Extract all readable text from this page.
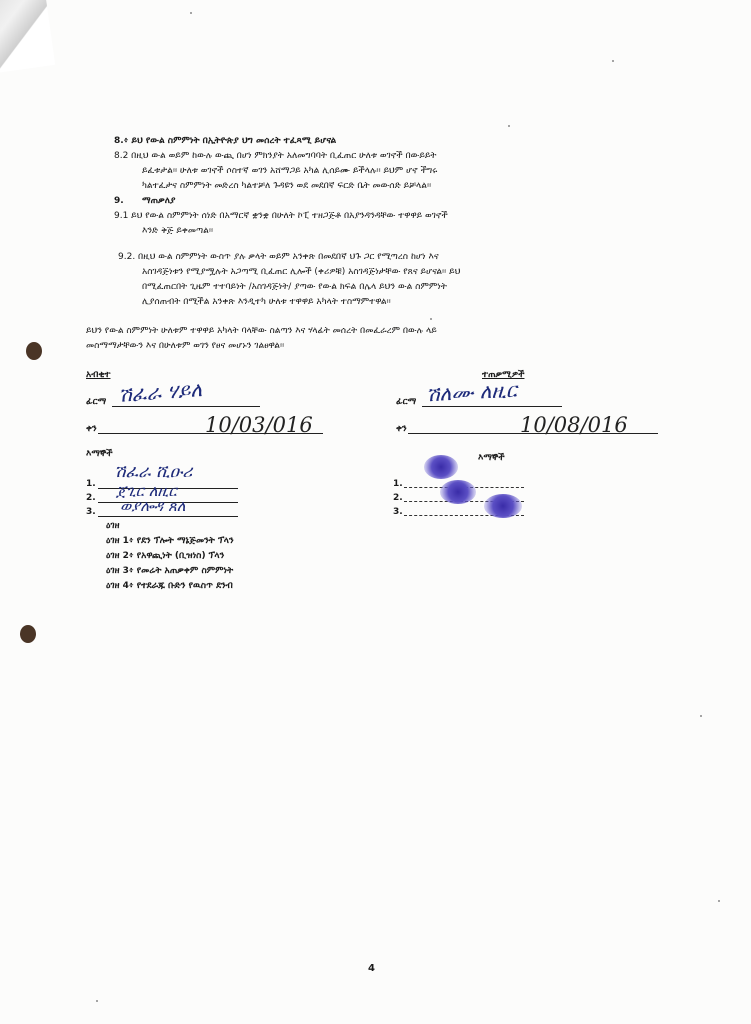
8.፥ ይህ የውል ስምምነት በኢትዮጵያ ህግ መሰረት ተፈጻሚ ይሆናል
8.2 በዚህ ውል ወይም ከውሉ ውጪ በሆነ ምክንያት አለመግባባት ቢፈጠር ሁለቱ ወገኖች በውይይት
ይፈቱታል፡፡ ሁለቱ ወገኖች ሶስተኛ ወገን አሸማጋይ አካል ሊሰይሙ ይችላሉ፡፡ ይህም ሆኖ ችግሩ
ካልተፈታና ስምምነት መድረስ ካልተቻለ ጉዳዩን ወደ መደበኛ ፍርድ ቤት መውሰድ ይቻላል፡፡
9. ማጠቃለያ
9.1 ይህ የውል ስምምነት ሰነድ በአማርኛ ቋንቋ በሁለት ኮፒ ተዘጋጅቶ በአያንዳንዳቸው ተዋዋይ ወገኖች
እንድ ቅጅ ይቀመጣል፡፡
9.2. በዚህ ውል ስምምነት ውስጥ ያሉ ቃላት ወይም አንቀጽ በመደበኛ ህጉ ጋር የሚጣረስ ከሆነ እና
አስገዳጅነቱን የሚያሟሉት አጋጣሚ ቢፈጠር ሊሎች (ቀሪዎቹ) አስገዳጅነታቸው የጸና ይሆናል፡፡ ይህ
በሚፈጠርበት ጊዜም ተተባይነት /አስገዳጅነት/ ያጣው የውል ክፍል በሌላ ይህን ውል ስምምነት
ሊያሰጠብት በሚችል አንቀጽ እንዲተካ ሁለቱ ተዋዋይ አካላት ተስማምተዋል፡፡
ይህን የውል ስምምነት ሁለቱም ተዋዋይ አካላት ባላቸው ስልጣን እና ሃላፊት መሰረት በመፈራረም በውሉ ላይ
መስማማታቸውን እና በሁለቱም ወገን የፀና መሆኑን ገልፀዋል፡፡
አብቂተ
ፊርማ ሽፈራ ሃይለ
ቀን	10/03/016
ተጠቃሚዎች
ፊርማ ሽለሙ ለዚር
ቀን	10/08/016
እማኞች
1.
2.
3.
ሽፈራ ሺዑሪ
ጀጊር ለዚር
ወያሎዳ ጸለ
እማኞች
1.
2.
3.
ዕገዘ
ዕገዘ 1፥ የደን ፕሎት ማኔጅመንት ፕላን
ዕገዘ 2፥ የአዋጪነት (ቢዝነስ) ፕላን
ዕገዘ 3፥ የመሬት አጠቃቀም ስምምነት
ዕገዘ 4፥ የተደራጁ ቡድን የዉስጥ ደንብ
4
